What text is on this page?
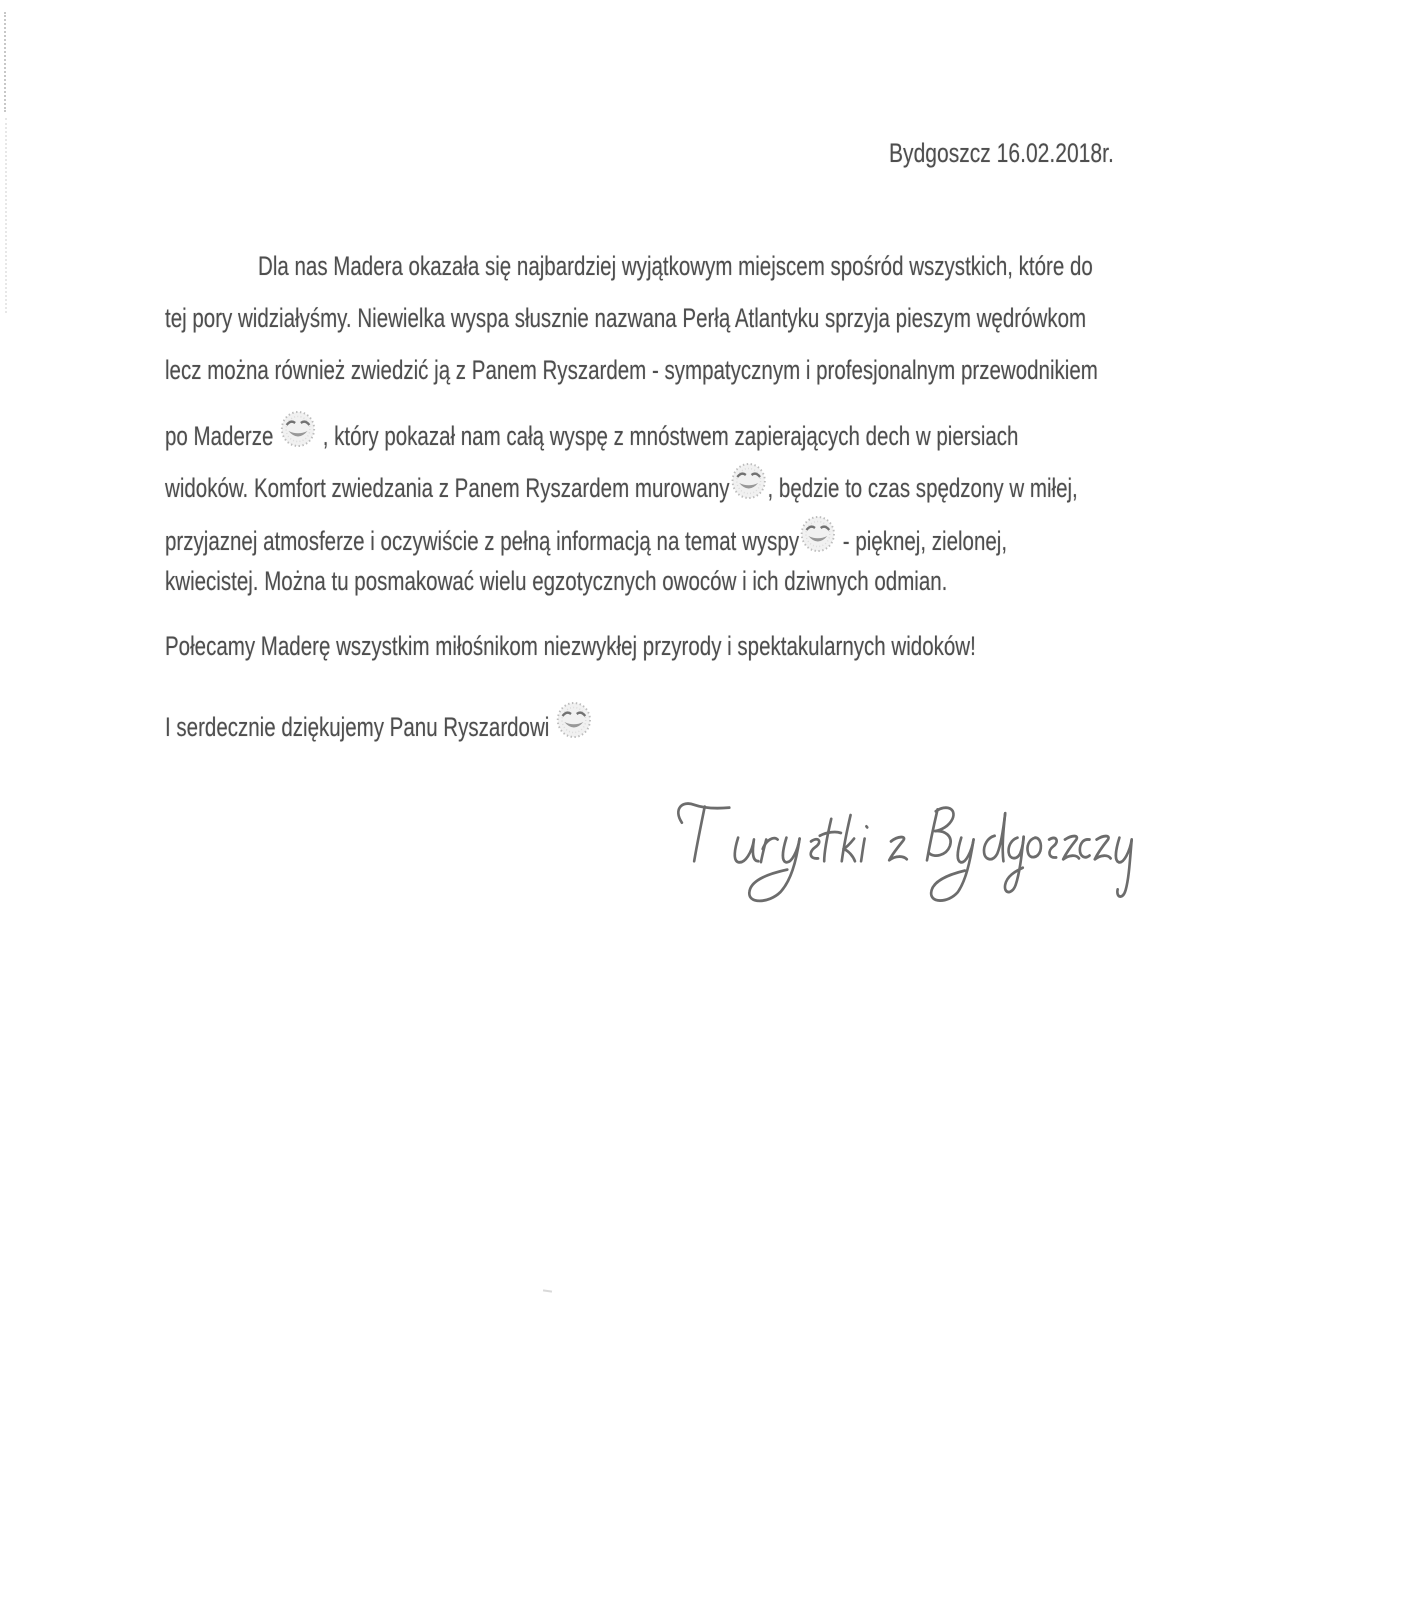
Bydgoszcz 16.02.2018r.
Dla nas Madera okazała się najbardziej wyjątkowym miejscem spośród wszystkich, które do
tej pory widziałyśmy. Niewielka wyspa słusznie nazwana Perłą Atlantyku sprzyja pieszym wędrówkom
lecz można również zwiedzić ją z Panem Ryszardem - sympatycznym i profesjonalnym przewodnikiem
po Maderze  , który pokazał nam całą wyspę z mnóstwem zapierających dech w piersiach
widoków. Komfort zwiedzania z Panem Ryszardem murowany , będzie to czas spędzony w miłej,
przyjaznej atmosferze i oczywiście z pełną informacją na temat wyspy - pięknej, zielonej,
kwiecistej. Można tu posmakować wielu egzotycznych owoców i ich dziwnych odmian.
Połecamy Maderę wszystkim miłośnikom niezwykłej przyrody i spektakularnych widoków!
I serdecznie dziękujemy Panu Ryszardowi
